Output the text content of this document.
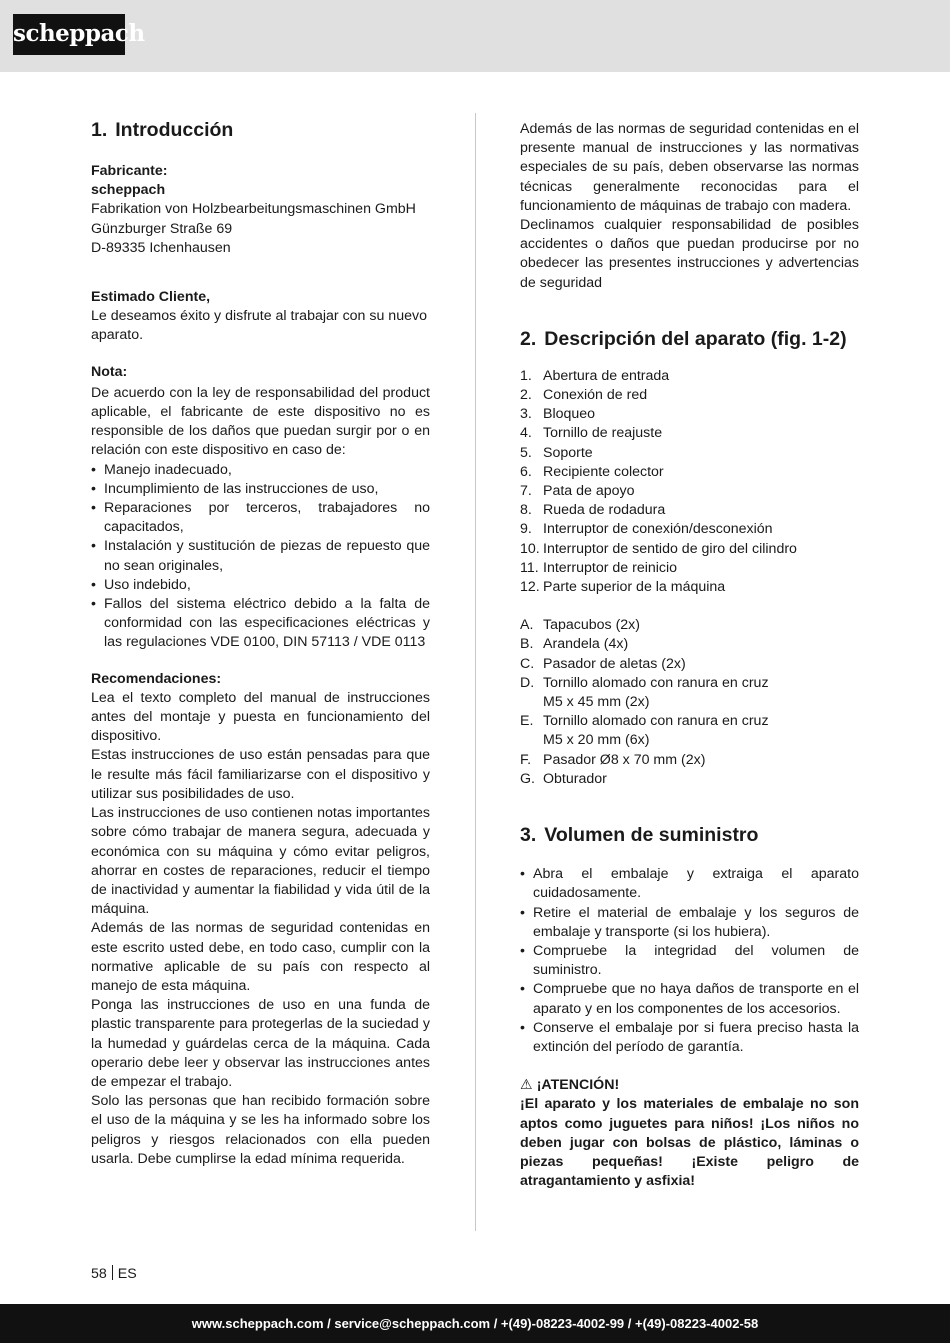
scheppach
1. Introducción

Fabricante:

scheppach

Fabrikation von Holzbearbeitungsmaschinen GmbH

Günzburger Straße 69

D-89335 Ichenhausen

Estimado Cliente,

Le deseamos éxito y disfrute al trabajar con su nuevo aparato.

Nota:

De acuerdo con la ley de responsabilidad del product aplicable, el fabricante de este dispositivo no es responsible de los daños que puedan surgir por o en relación con este dispositivo en caso de:

• Manejo inadecuado,
• Incumplimiento de las instrucciones de uso,
• Reparaciones por terceros, trabajadores no capacitados,
• Instalación y sustitución de piezas de repuesto que no sean originales,
• Uso indebido,
• Fallos del sistema eléctrico debido a la falta de conformidad con las especificaciones eléctricas y las regulaciones VDE 0100, DIN 57113 / VDE 0113

Recomendaciones:

Lea el texto completo del manual de instrucciones antes del montaje y puesta en funcionamiento del dispositivo.

Estas instrucciones de uso están pensadas para que le resulte más fácil familiarizarse con el dispositivo y utilizar sus posibilidades de uso.

Las instrucciones de uso contienen notas importantes sobre cómo trabajar de manera segura, adecuada y económica con su máquina y cómo evitar peligros, ahorrar en costes de reparaciones, reducir el tiempo de inactividad y aumentar la fiabilidad y vida útil de la máquina.

Además de las normas de seguridad contenidas en este escrito usted debe, en todo caso, cumplir con la normative aplicable de su país con respecto al manejo de esta máquina.

Ponga las instrucciones de uso en una funda de plastic transparente para protegerlas de la suciedad y la humedad y guárdelas cerca de la máquina. Cada operario debe leer y observar las instrucciones antes de empezar el trabajo.

Solo las personas que han recibido formación sobre el uso de la máquina y se les ha informado sobre los peligros y riesgos relacionados con ella pueden usarla. Debe cumplirse la edad mínima requerida.

Además de las normas de seguridad contenidas en el presente manual de instrucciones y las normativas especiales de su país, deben observarse las normas técnicas generalmente reconocidas para el funcionamiento de máquinas de trabajo con madera.

Declinamos cualquier responsabilidad de posibles accidentes o daños que puedan producirse por no obedecer las presentes instrucciones y advertencias de seguridad

2. Descripción del aparato (fig. 1-2)
1. Abertura de entrada
2. Conexión de red
3. Bloqueo
4. Tornillo de reajuste
5. Soporte
6. Recipiente colector
7. Pata de apoyo
8. Rueda de rodadura
9. Interruptor de conexión/desconexión
10. Interruptor de sentido de giro del cilindro
11. Interruptor de reinicio
12. Parte superior de la máquina
A. Tapacubos (2x)
B. Arandela (4x)
C. Pasador de aletas (2x)
D. Tornillo alomado con ranura en cruz M5 x 45 mm (2x)
E. Tornillo alomado con ranura en cruz M5 x 20 mm (6x)
F. Pasador Ø8 x 70 mm (2x)
G. Obturador
3. Volumen de suministro
• Abra el embalaje y extraiga el aparato cuidadosamente.
• Retire el material de embalaje y los seguros de embalaje y transporte (si los hubiera).
• Compruebe la integridad del volumen de suministro.
• Compruebe que no haya daños de transporte en el aparato y en los componentes de los accesorios.
• Conserve el embalaje por si fuera preciso hasta la extinción del período de garantía.

⚠ ¡ATENCIÓN!

¡El aparato y los materiales de embalaje no son aptos como juguetes para niños! ¡Los niños no deben jugar con bolsas de plástico, láminas o piezas pequeñas! ¡Existe peligro de atragantamiento y asfixia!

58 ES
www.scheppach.com / service@scheppach.com / +(49)-08223-4002-99 / +(49)-08223-4002-58
